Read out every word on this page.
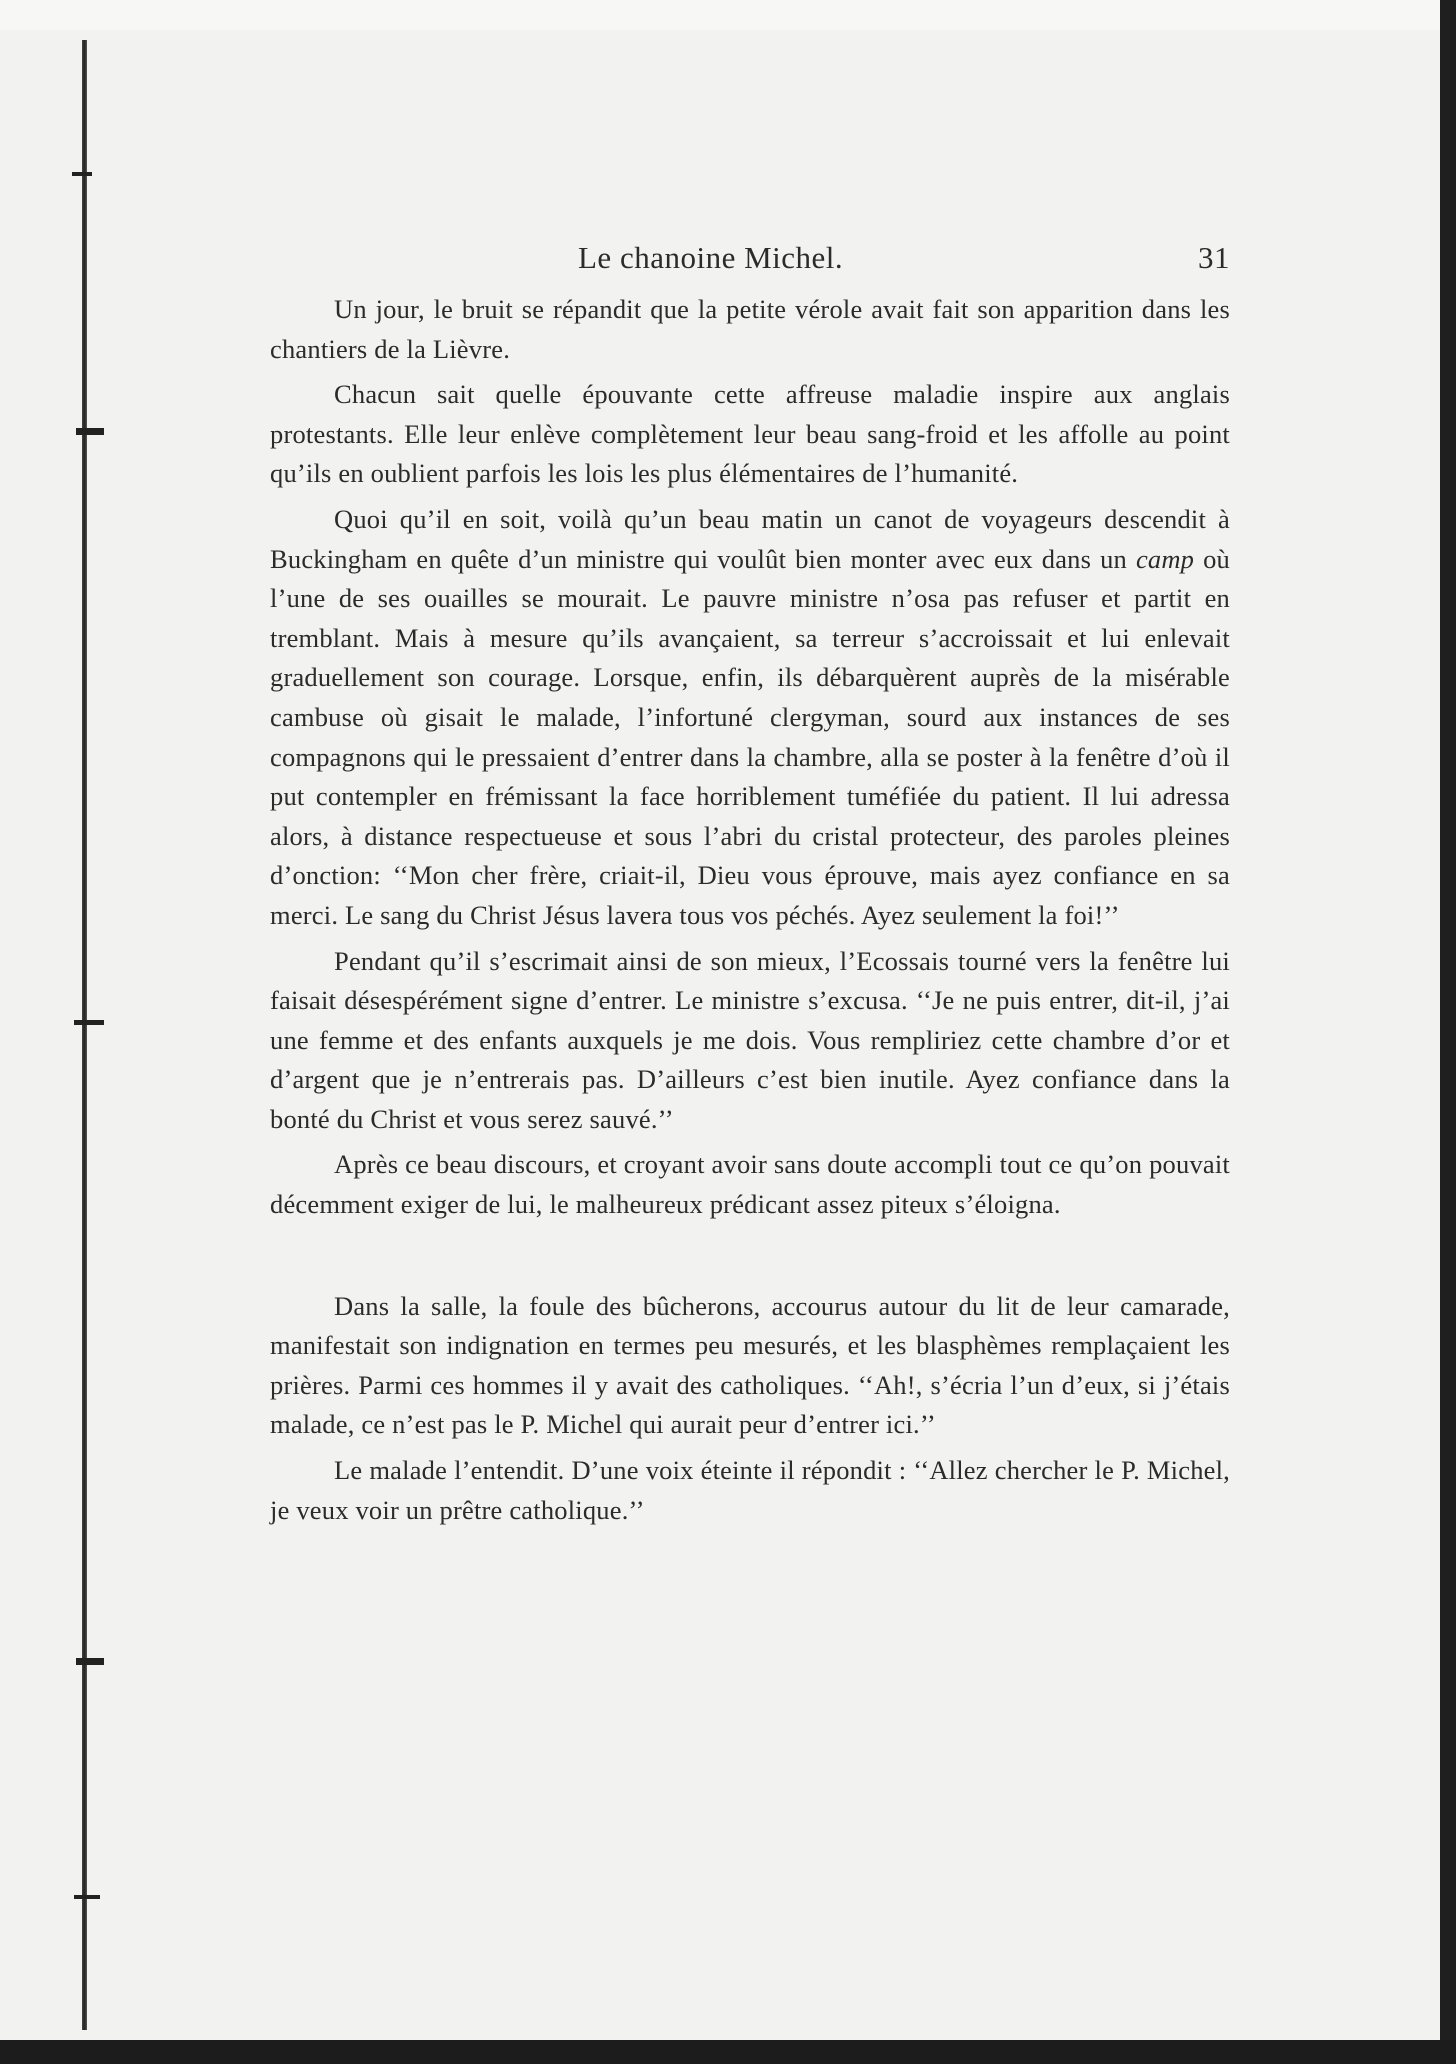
Le chanoine Michel.	31

Un jour, le bruit se répandit que la petite vérole avait fait son apparition dans les chantiers de la Lièvre.

Chacun sait quelle épouvante cette affreuse maladie inspire aux anglais protestants. Elle leur enlève complètement leur beau sang-froid et les affolle au point qu’ils en oublient parfois les lois les plus élémentaires de l’humanité.

Quoi qu’il en soit, voilà qu’un beau matin un canot de voyageurs descendit à Buckingham en quête d’un ministre qui voulût bien monter avec eux dans un camp où l’une de ses ouailles se mourait. Le pauvre ministre n’osa pas refuser et partit en tremblant. Mais à mesure qu’ils avançaient, sa terreur s’accroissait et lui enlevait graduellement son courage. Lorsque, enfin, ils débarquèrent auprès de la misérable cambuse où gisait le malade, l’infortuné clergyman, sourd aux instances de ses compagnons qui le pressaient d’entrer dans la chambre, alla se poster à la fenêtre d’où il put contempler en frémissant la face horriblement tuméfiée du patient. Il lui adressa alors, à distance respectueuse et sous l’abri du cristal protecteur, des paroles pleines d’onction: ‘‘Mon cher frère, criait-il, Dieu vous éprouve, mais ayez confiance en sa merci. Le sang du Christ Jésus lavera tous vos péchés. Ayez seulement la foi!’’

Pendant qu’il s’escrimait ainsi de son mieux, l’Ecossais tourné vers la fenêtre lui faisait désespérément signe d’entrer. Le ministre s’excusa. ‘‘Je ne puis entrer, dit-il, j’ai une femme et des enfants auxquels je me dois. Vous rempliriez cette chambre d’or et d’argent que je n’entrerais pas. D’ailleurs c’est bien inutile. Ayez confiance dans la bonté du Christ et vous serez sauvé.’’

Après ce beau discours, et croyant avoir sans doute accompli tout ce qu’on pouvait décemment exiger de lui, le malheureux prédicant assez piteux s’éloigna.

Dans la salle, la foule des bûcherons, accourus autour du lit de leur camarade, manifestait son indignation en termes peu mesurés, et les blasphèmes remplaçaient les prières. Parmi ces hommes il y avait des catholiques. ‘‘Ah!, s’écria l’un d’eux, si j’étais malade, ce n’est pas le P. Michel qui aurait peur d’entrer ici.’’

Le malade l’entendit. D’une voix éteinte il répondit : ‘‘Allez chercher le P. Michel, je veux voir un prêtre catholique.’’
